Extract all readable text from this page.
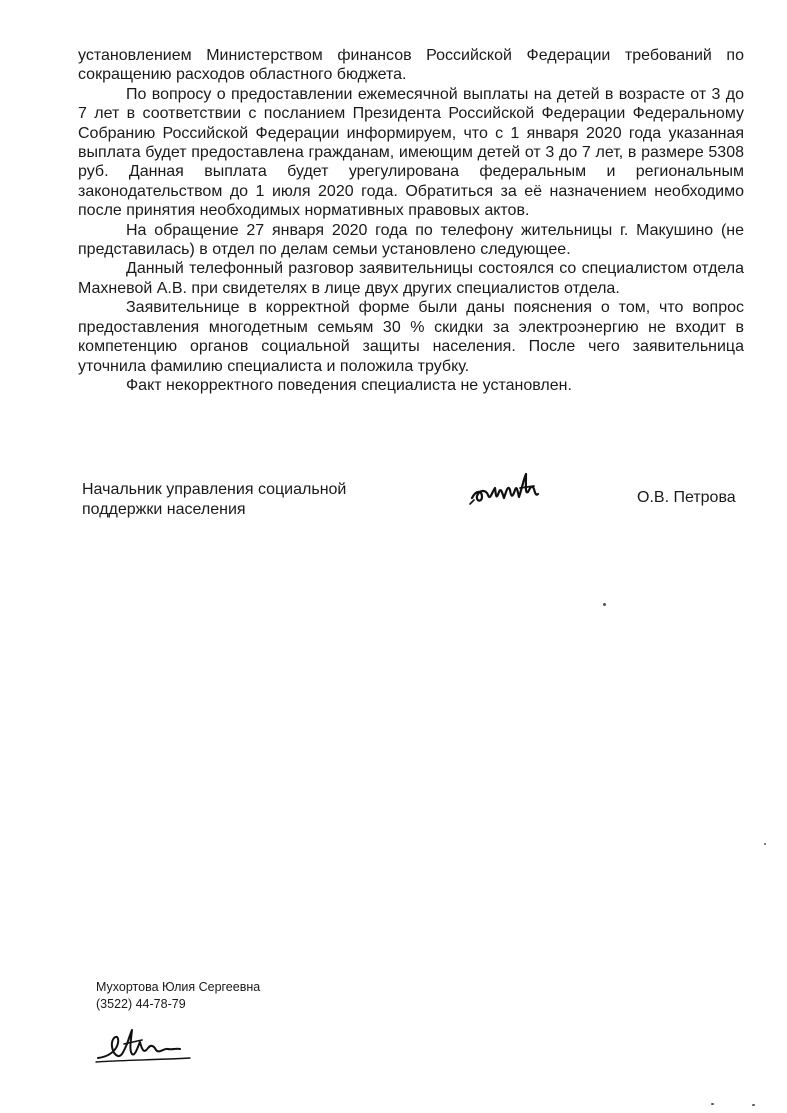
установлением Министерством финансов Российской Федерации требований по сокращению расходов областного бюджета.

По вопросу о предоставлении ежемесячной выплаты на детей в возрасте от 3 до 7 лет в соответствии с посланием Президента Российской Федерации Федеральному Собранию Российской Федерации информируем, что с 1 января 2020 года указанная выплата будет предоставлена гражданам, имеющим детей от 3 до 7 лет, в размере 5308 руб. Данная выплата будет урегулирована федеральным и региональным законодательством до 1 июля 2020 года. Обратиться за её назначением необходимо после принятия необходимых нормативных правовых актов.

На обращение 27 января 2020 года по телефону жительницы г. Макушино (не представилась) в отдел по делам семьи установлено следующее.

Данный телефонный разговор заявительницы состоялся со специалистом отдела Махневой А.В. при свидетелях в лице двух других специалистов отдела.

Заявительнице в корректной форме были даны пояснения о том, что вопрос предоставления многодетным семьям 30 % скидки за электроэнергию не входит в компетенцию органов социальной защиты населения. После чего заявительница уточнила фамилию специалиста и положила трубку.

Факт некорректного поведения специалиста не установлен.

Начальник управления социальной
поддержки населения
О.В. Петрова
Мухортова Юлия Сергеевна
(3522) 44-78-79
